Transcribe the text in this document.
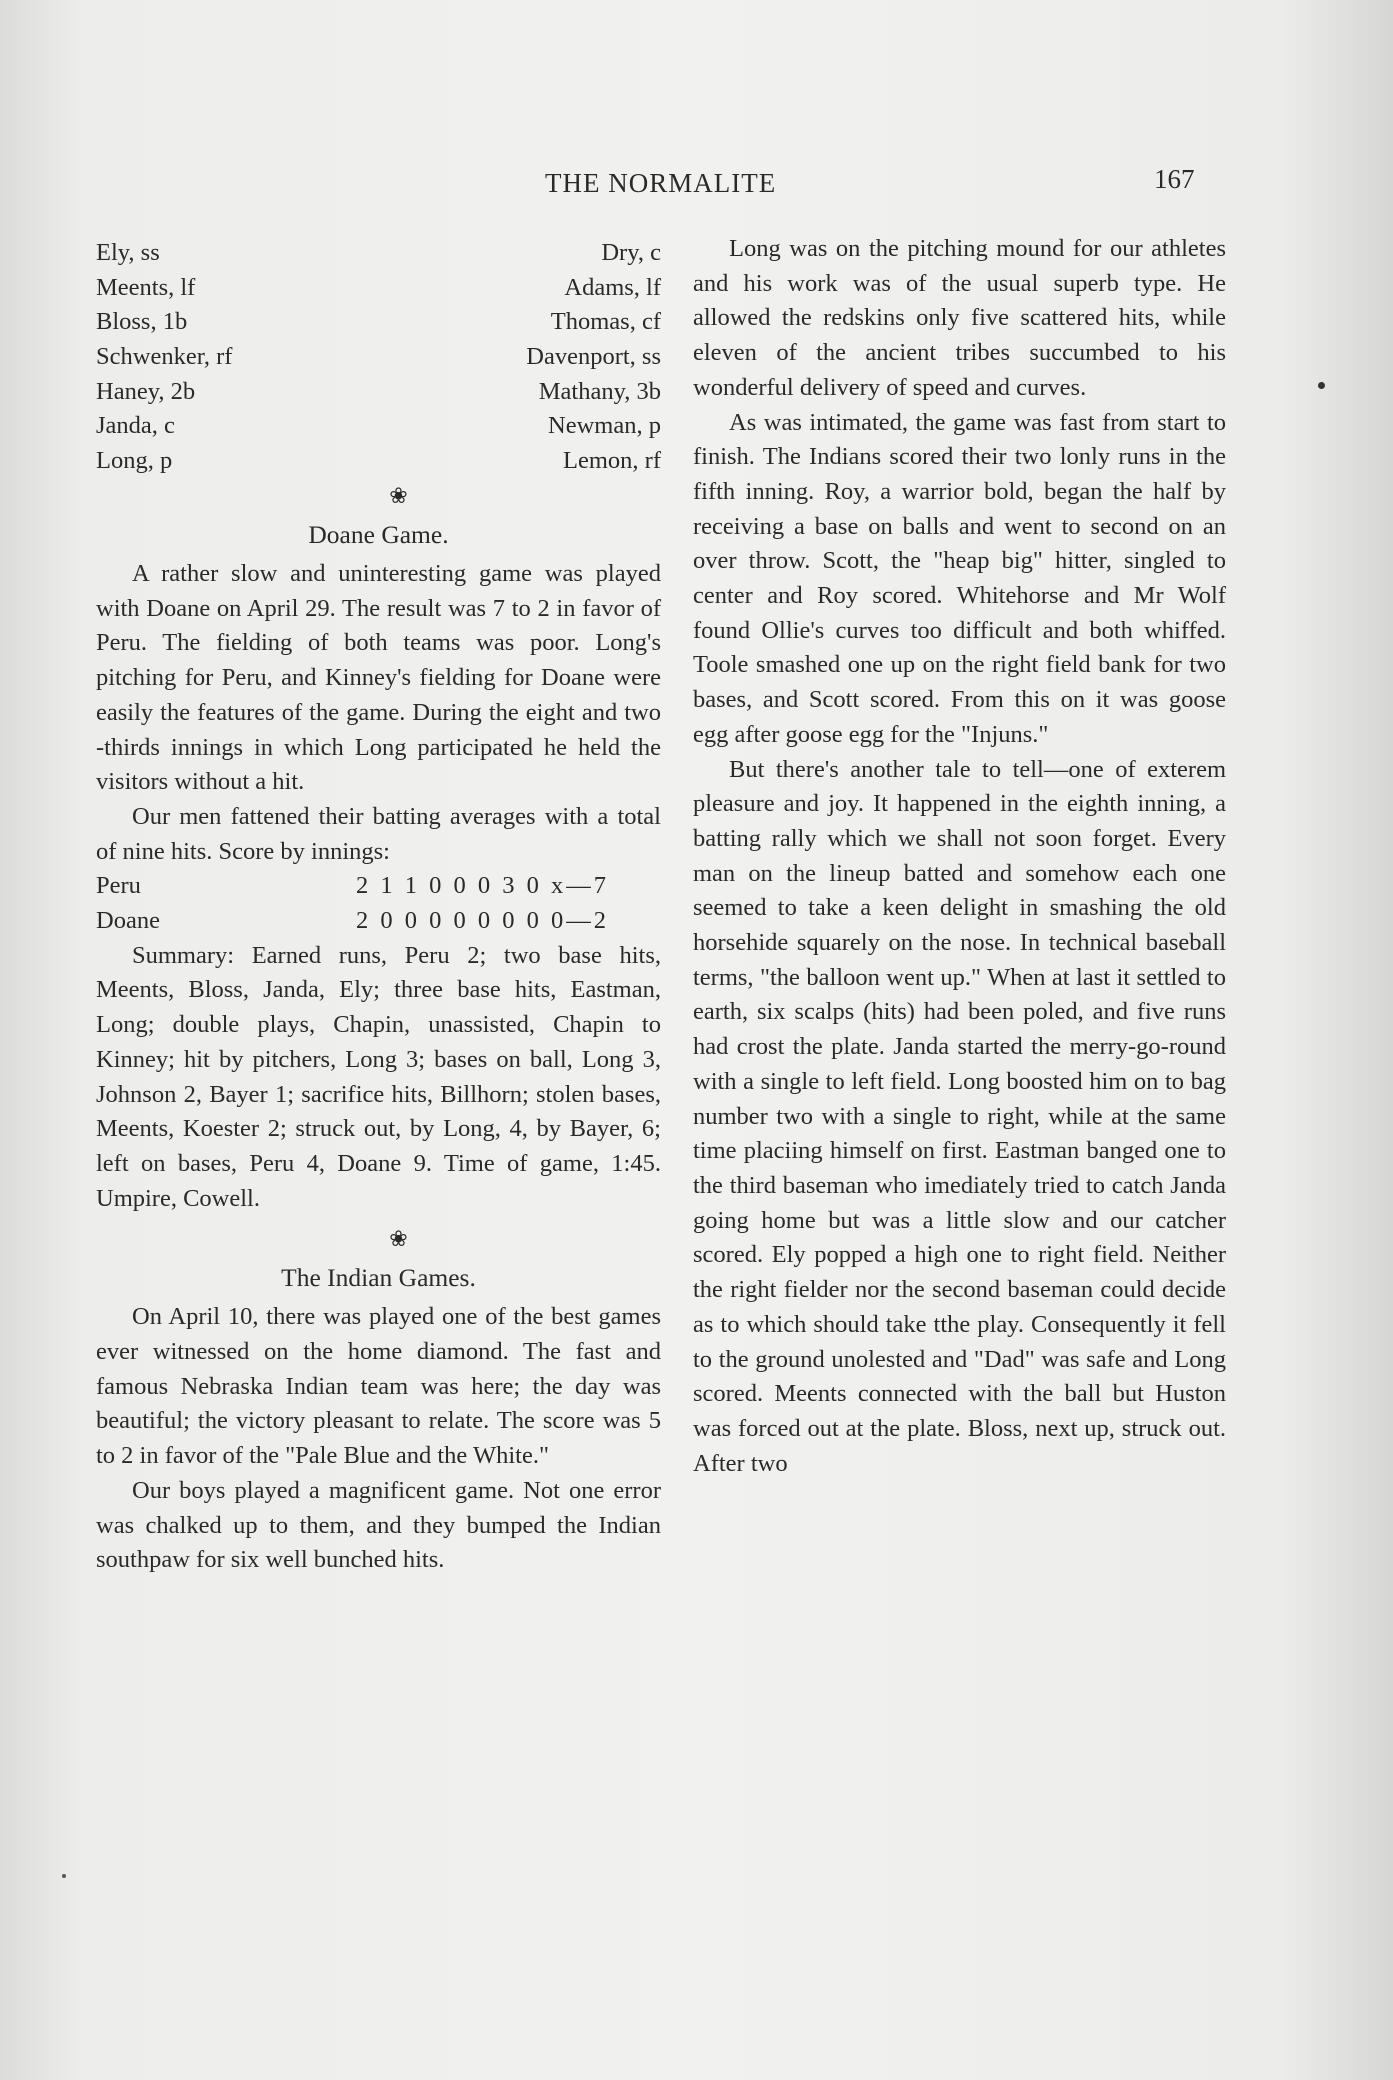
THE NORMALITE	167
Ely, ss	Dry, c
Meents, lf	Adams, lf
Bloss, 1b	Thomas, cf
Schwenker, rf	Davenport, ss
Haney, 2b	Mathany, 3b
Janda, c	Newman, p
Long, p	Lemon, rf
❀
Doane Game.

A rather slow and uninteresting game was played with Doane on April 29. The result was 7 to 2 in favor of Peru. The fielding of both teams was poor. Long's pitching for Peru, and Kinney's fielding for Doane were easily the features of the game. During the eight and two -thirds innings in which Long participated he held the visitors without a hit.

Our men fattened their batting averages with a total of nine hits. Score by innings:

Peru	2 1 1 0 0 0 3 0 x—7
Doane	2 0 0 0 0 0 0 0 0—2

Summary: Earned runs, Peru 2; two base hits, Meents, Bloss, Janda, Ely; three base hits, Eastman, Long; double plays, Chapin, unassisted, Chapin to Kinney; hit by pitchers, Long 3; bases on ball, Long 3, Johnson 2, Bayer 1; sacrifice hits, Billhorn; stolen bases, Meents, Koester 2; struck out, by Long, 4, by Bayer, 6; left on bases, Peru 4, Doane 9. Time of game, 1:45. Umpire, Cowell.

❀
The Indian Games.

On April 10, there was played one of the best games ever witnessed on the home diamond. The fast and famous Nebraska Indian team was here; the day was beautiful; the victory pleasant to relate. The score was 5 to 2 in favor of the "Pale Blue and the White."

Our boys played a magnificent game. Not one error was chalked up to them, and they bumped the Indian southpaw for six well bunched hits.

Long was on the pitching mound for our athletes and his work was of the usual superb type. He allowed the redskins only five scattered hits, while eleven of the ancient tribes succumbed to his wonderful delivery of speed and curves.

As was intimated, the game was fast from start to finish. The Indians scored their two lonly runs in the fifth inning. Roy, a warrior bold, began the half by receiving a base on balls and went to second on an over throw. Scott, the "heap big" hitter, singled to center and Roy scored. Whitehorse and Mr Wolf found Ollie's curves too difficult and both whiffed. Toole smashed one up on the right field bank for two bases, and Scott scored. From this on it was goose egg after goose egg for the "Injuns."

But there's another tale to tell—one of exterem pleasure and joy. It happened in the eighth inning, a batting rally which we shall not soon forget. Every man on the lineup batted and somehow each one seemed to take a keen delight in smashing the old horsehide squarely on the nose. In technical baseball terms, "the balloon went up." When at last it settled to earth, six scalps (hits) had been poled, and five runs had crost the plate. Janda started the merry-go-round with a single to left field. Long boosted him on to bag number two with a single to right, while at the same time placiing himself on first. Eastman banged one to the third baseman who imediately tried to catch Janda going home but was a little slow and our catcher scored. Ely popped a high one to right field. Neither the right fielder nor the second baseman could decide as to which should take tthe play. Consequently it fell to the ground unolested and "Dad" was safe and Long scored. Meents connected with the ball but Huston was forced out at the plate. Bloss, next up, struck out. After two
